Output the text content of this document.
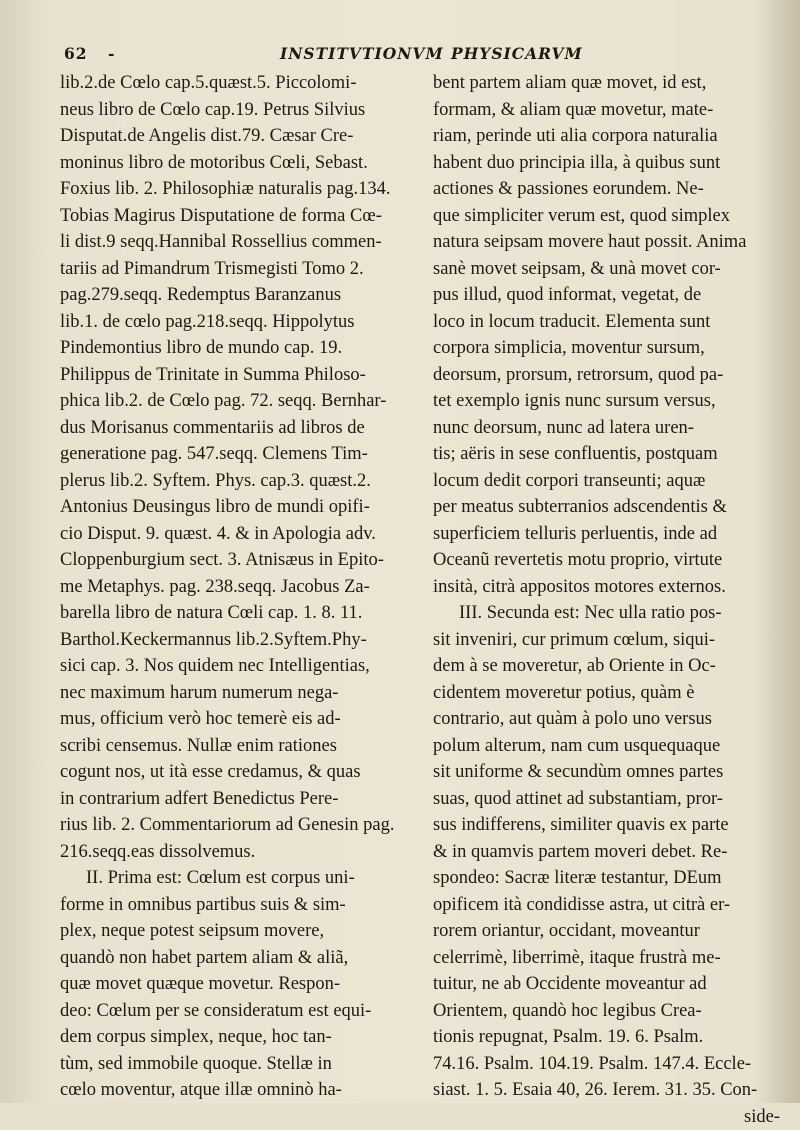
62 -	INSTITVTIONVM PHYSICARVM
lib.2.de Cœlo cap.5.quæst.5. Piccolomi-
neus libro de Cœlo cap.19. Petrus Silvius
Disputat.de Angelis dist.79. Cæsar Cre-
moninus libro de motoribus Cœli, Sebast.
Foxius lib. 2. Philosophiæ naturalis pag.134.
Tobias Magirus Disputatione de forma Cœ-
li dist.9 seqq.Hannibal Rossellius commen-
tariis ad Pimandrum Trismegisti Tomo 2.
pag.279.seqq. Redemptus Baranzanus
lib.1. de cœlo pag.218.seqq. Hippolytus
Pindemontius libro de mundo cap. 19.
Philippus de Trinitate in Summa Philoso-
phica lib.2. de Cœlo pag. 72. seqq. Bernhar-
dus Morisanus commentariis ad libros de
generatione pag. 547.seqq. Clemens Tim-
plerus lib.2. Syftem. Phys. cap.3. quæst.2.
Antonius Deusingus libro de mundi opifi-
cio Disput. 9. quæst. 4. & in Apologia adv.
Cloppenburgium sect. 3. Atnisæus in Epito-
me Metaphys. pag. 238.seqq. Jacobus Za-
barella libro de natura Cœli cap. 1. 8. 11.
Barthol.Keckermannus lib.2.Syftem.Phy-
sici cap. 3. Nos quidem nec Intelligentias,
nec maximum harum numerum nega-
mus, officium verò hoc temerè eis ad-
scribi censemus. Nullæ enim rationes
cogunt nos, ut ità esse credamus, & quas
in contrarium adfert Benedictus Pere-
rius lib. 2. Commentariorum ad Genesin pag.
216.seqq.eas dissolvemus.
II. Prima est: Cœlum est corpus uni-
forme in omnibus partibus suis & sim-
plex, neque potest seipsum movere,
quandò non habet partem aliam & aliã,
quæ movet quæque movetur. Respon-
deo: Cœlum per se consideratum est equi-
dem corpus simplex, neque, hoc tan-
tùm, sed immobile quoque. Stellæ in
cœlo moventur, atque illæ omninò ha-
bent partem aliam quæ movet, id est,
formam, & aliam quæ movetur, mate-
riam, perinde uti alia corpora naturalia
habent duo principia illa, à quibus sunt
actiones & passiones eorundem. Ne-
que simpliciter verum est, quod simplex
natura seipsam movere haut possit. Anima
sanè movet seipsam, & unà movet cor-
pus illud, quod informat, vegetat, de
loco in locum traducit. Elementa sunt
corpora simplicia, moventur sursum,
deorsum, prorsum, retrorsum, quod pa-
tet exemplo ignis nunc sursum versus,
nunc deorsum, nunc ad latera uren-
tis; aëris in sese confluentis, postquam
locum dedit corpori transeunti; aquæ
per meatus subterranios adscendentis &
superficiem telluris perluentis, inde ad
Oceanũ revertetis motu proprio, virtute
insità, citrà appositos motores externos.
III. Secunda est: Nec ulla ratio pos-
sit inveniri, cur primum cœlum, siqui-
dem à se moveretur, ab Oriente in Oc-
cidentem moveretur potius, quàm è
contrario, aut quàm à polo uno versus
polum alterum, nam cum usquequaque
sit uniforme & secundùm omnes partes
suas, quod attinet ad substantiam, pror-
sus indifferens, similiter quavis ex parte
& in quamvis partem moveri debet. Re-
spondeo: Sacræ literæ testantur, DEum
opificem ità condidisse astra, ut citrà er-
rorem oriantur, occidant, moveantur
celerrimè, liberrimè, itaque frustrà me-
tuitur, ne ab Occidente moveantur ad
Orientem, quandò hoc legibus Crea-
tionis repugnat, Psalm. 19. 6. Psalm.
74.16. Psalm. 104.19. Psalm. 147.4. Eccle-
siast. 1. 5. Esaia 40, 26. Ierem. 31. 35. Con-
side-
